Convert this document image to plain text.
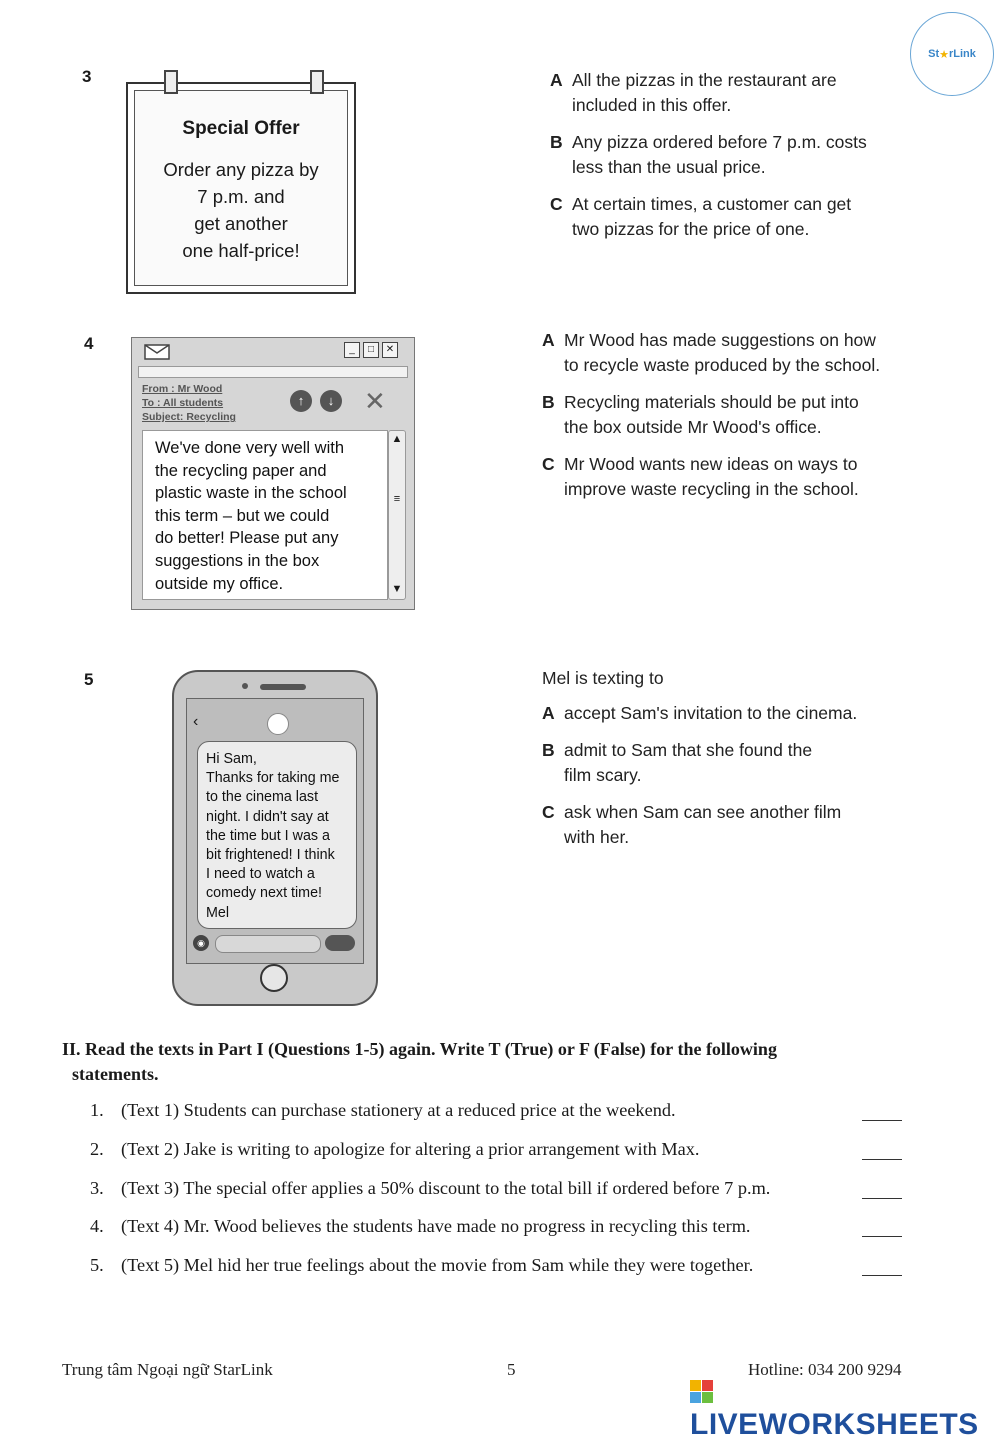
St ★ rLink
3
Special Offer
Order any pizza by
7 p.m. and
get another
one half-price!
A All the pizzas in the restaurant are
included in this offer.
B Any pizza ordered before 7 p.m. costs
less than the usual price.
C At certain times, a customer can get
two pizzas for the price of one.
4	_	□	✕
From : Mr Wood
To : All students
Subject: Recycling
↑	↓ ✕
We've done very well with
the recycling paper and
plastic waste in the school
this term – but we could
do better! Please put any
suggestions in the box
outside my office.
▲
≡
▼
A Mr Wood has made suggestions on how
to recycle waste produced by the school.
B Recycling materials should be put into
the box outside Mr Wood's office.
C Mr Wood wants new ideas on ways to
improve waste recycling in the school.
5
‹
Hi Sam,
Thanks for taking me
to the cinema last
night. I didn't say at
the time but I was a
bit frightened! I think
I need to watch a
comedy next time!
Mel
◉
Mel is texting to
A accept Sam's invitation to the cinema.
B admit to Sam that she found the
film scary.
C ask when Sam can see another film
with her.
II. Read the texts in Part I (Questions 1-5) again. Write T (True) or F (False) for the following
statements.
1. (Text 1) Students can purchase stationery at a reduced price at the weekend.
2. (Text 2) Jake is writing to apologize for altering a prior arrangement with Max.
3. (Text 3) The special offer applies a 50% discount to the total bill if ordered before 7 p.m.
4. (Text 4) Mr. Wood believes the students have made no progress in recycling this term.
5. (Text 5) Mel hid her true feelings about the movie from Sam while they were together.
Trung tâm Ngoại ngữ StarLink	5	Hotline: 034 200 9294
LIVEWORKSHEETS
